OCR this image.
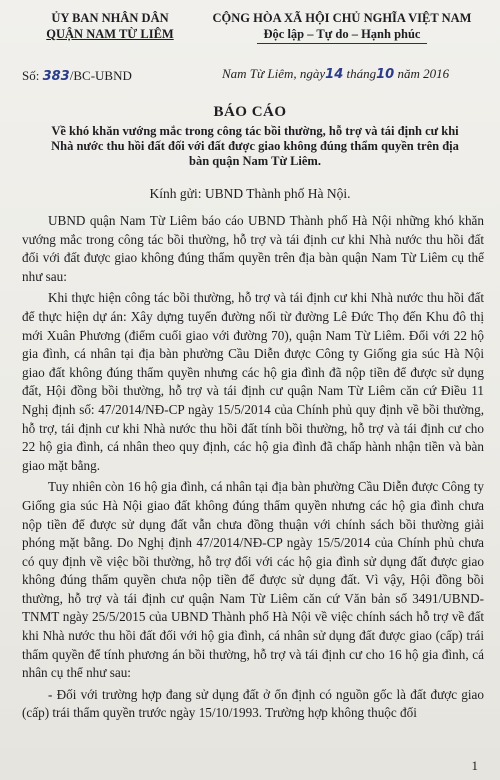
ỦY BAN NHÂN DÂN
QUẬN NAM TỪ LIÊM
CỘNG HÒA XÃ HỘI CHỦ NGHĨA VIỆT NAM
Độc lập – Tự do – Hạnh phúc
Số: 383/BC-UBND	Nam Từ Liêm, ngày14 tháng10 năm 2016
BÁO CÁO
Về khó khăn vướng mắc trong công tác bồi thường, hỗ trợ và tái định cư khi Nhà nước thu hồi đất đối với đất được giao không đúng thẩm quyền trên địa bàn quận Nam Từ Liêm.
Kính gửi: UBND Thành phố Hà Nội.

UBND quận Nam Từ Liêm báo cáo UBND Thành phố Hà Nội những khó khăn vướng mắc trong công tác bồi thường, hỗ trợ và tái định cư khi Nhà nước thu hồi đất đối với đất được giao không đúng thẩm quyền trên địa bàn quận Nam Từ Liêm cụ thể như sau:

Khi thực hiện công tác bồi thường, hỗ trợ và tái định cư khi Nhà nước thu hồi đất để thực hiện dự án: Xây dựng tuyến đường nối từ đường Lê Đức Thọ đến Khu đô thị mới Xuân Phương (điểm cuối giao với đường 70), quận Nam Từ Liêm. Đối với 22 hộ gia đình, cá nhân tại địa bàn phường Cầu Diễn được Công ty Giống gia súc Hà Nội giao đất không đúng thẩm quyền nhưng các hộ gia đình đã nộp tiền để được sử dụng đất, Hội đồng bồi thường, hỗ trợ và tái định cư quận Nam Từ Liêm căn cứ Điều 11 Nghị định số: 47/2014/NĐ-CP ngày 15/5/2014 của Chính phủ quy định về bồi thường, hỗ trợ, tái định cư khi Nhà nước thu hồi đất tính bồi thường, hỗ trợ và tái định cư cho 22 hộ gia đình, cá nhân theo quy định, các hộ gia đình đã chấp hành nhận tiền và bàn giao mặt bằng.

Tuy nhiên còn 16 hộ gia đình, cá nhân tại địa bàn phường Cầu Diễn được Công ty Giống gia súc Hà Nội giao đất không đúng thẩm quyền nhưng các hộ gia đình chưa nộp tiền để được sử dụng đất vẫn chưa đồng thuận với chính sách bồi thường giải phóng mặt bằng. Do Nghị định 47/2014/NĐ-CP ngày 15/5/2014 của Chính phủ chưa có quy định về việc bồi thường, hỗ trợ đối với các hộ gia đình sử dụng đất được giao không đúng thẩm quyền chưa nộp tiền để được sử dụng đất. Vì vậy, Hội đồng bồi thường, hỗ trợ và tái định cư quận Nam Từ Liêm căn cứ Văn bản số 3491/UBND-TNMT ngày 25/5/2015 của UBND Thành phố Hà Nội về việc chính sách hỗ trợ về đất khi Nhà nước thu hồi đất đối với hộ gia đình, cá nhân sử dụng đất được giao (cấp) trái thẩm quyền để tính phương án bồi thường, hỗ trợ và tái định cư cho 16 hộ gia đình, cá nhân cụ thể như sau:

- Đối với trường hợp đang sử dụng đất ở ổn định có nguồn gốc là đất được giao (cấp) trái thẩm quyền trước ngày 15/10/1993. Trường hợp không thuộc đối

1
